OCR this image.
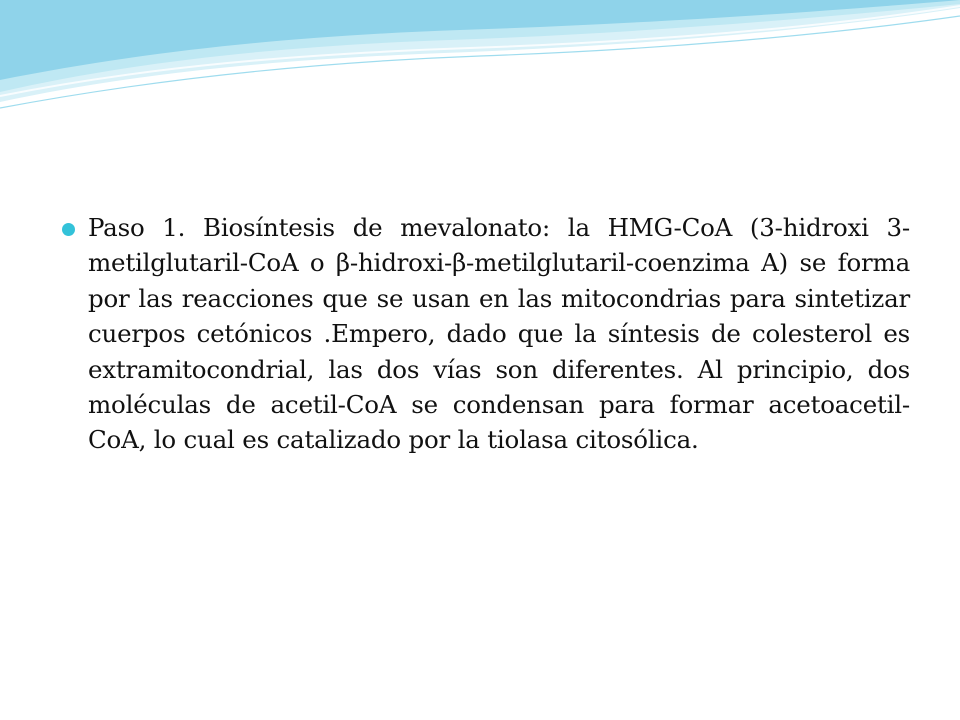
Paso 1. Biosíntesis de mevalonato: la HMG-CoA (3-hidroxi 3-metilglutaril-CoA o β-hidroxi-β-metilglutaril-coenzima A) se forma por las reacciones que se usan en las mitocondrias para sintetizar cuerpos cetónicos .Empero, dado que la síntesis de colesterol es extramitocondrial, las dos vías son diferentes. Al principio, dos moléculas de acetil-CoA se condensan para formar acetoacetil-CoA, lo cual es catalizado por la tiolasa citosólica.
